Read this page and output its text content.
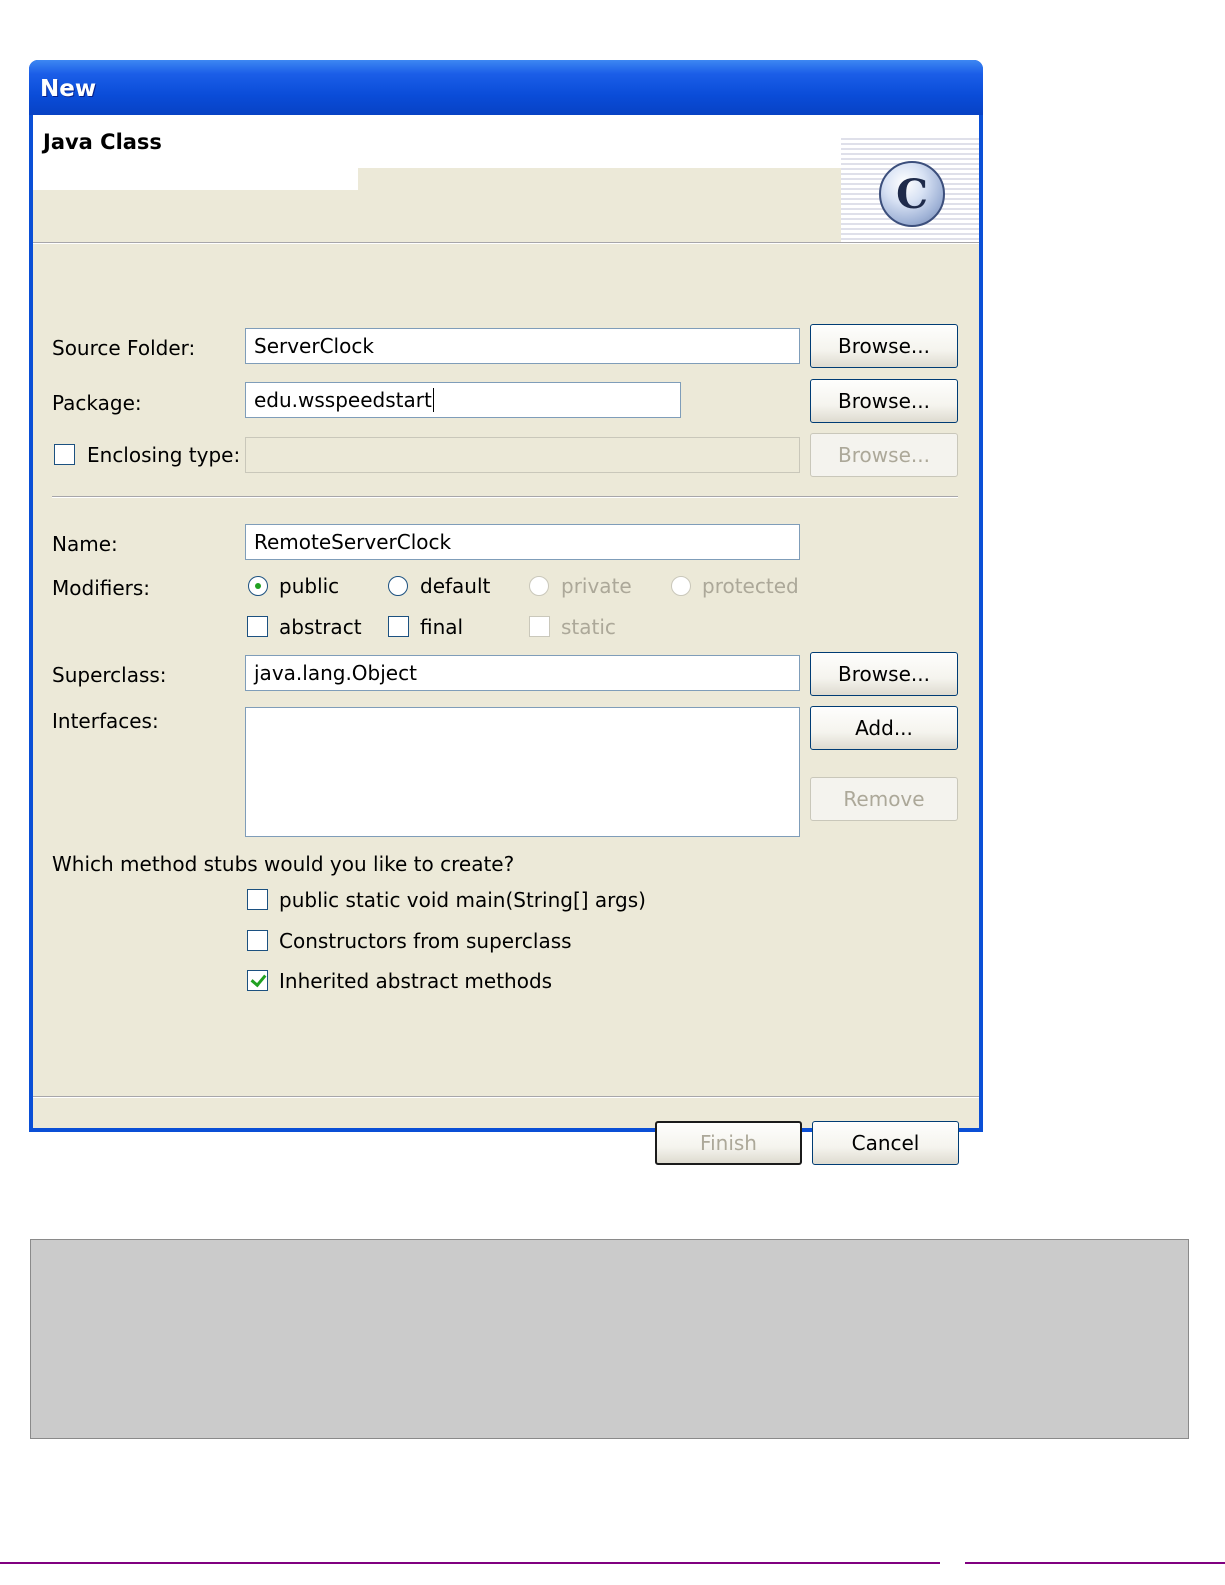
New
Java Class
C
Source Folder:	ServerClock	Browse...
Package:	edu.wsspeedstart	Browse...
Enclosing type:	Browse...
Name:	RemoteServerClock
Modifiers:	public	default	private	protected
abstract	final	static
Superclass:	java.lang.Object	Browse...
Interfaces:	Add...
Remove
Which method stubs would you like to create?
public static void main(String[] args)
Constructors from superclass
Inherited abstract methods
Finish	Cancel
